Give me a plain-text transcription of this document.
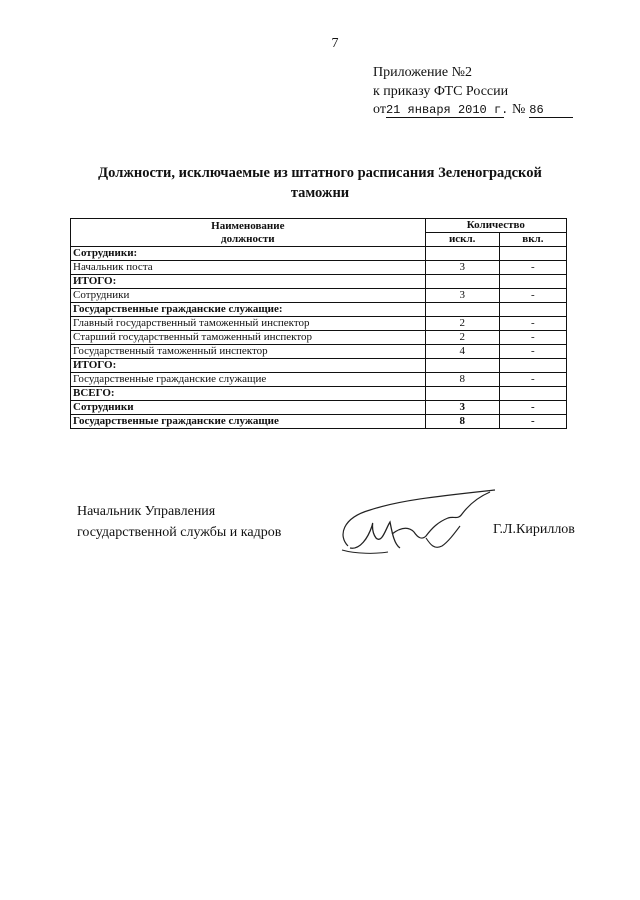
7
Приложение №2
к приказу ФТС России
от21 января 2010 г. № 86
Должности, исключаемые из штатного расписания Зеленоградской
таможни
Наименование	Количество	
должности	искл.	вкл.
Сотрудники:		
Начальник поста	3	-
ИТОГО:		
Сотрудники	3	-
Государственные гражданские служащие:		
Главный государственный таможенный инспектор	2	-
Старший государственный таможенный инспектор	2	-
Государственный таможенный инспектор	4	-
ИТОГО:		
Государственные гражданские служащие	8	-
ВСЕГО:		
Сотрудники	3	-
Государственные гражданские служащие	8	-
Начальник Управления
государственной службы и кадров	Г.Л.Кириллов
